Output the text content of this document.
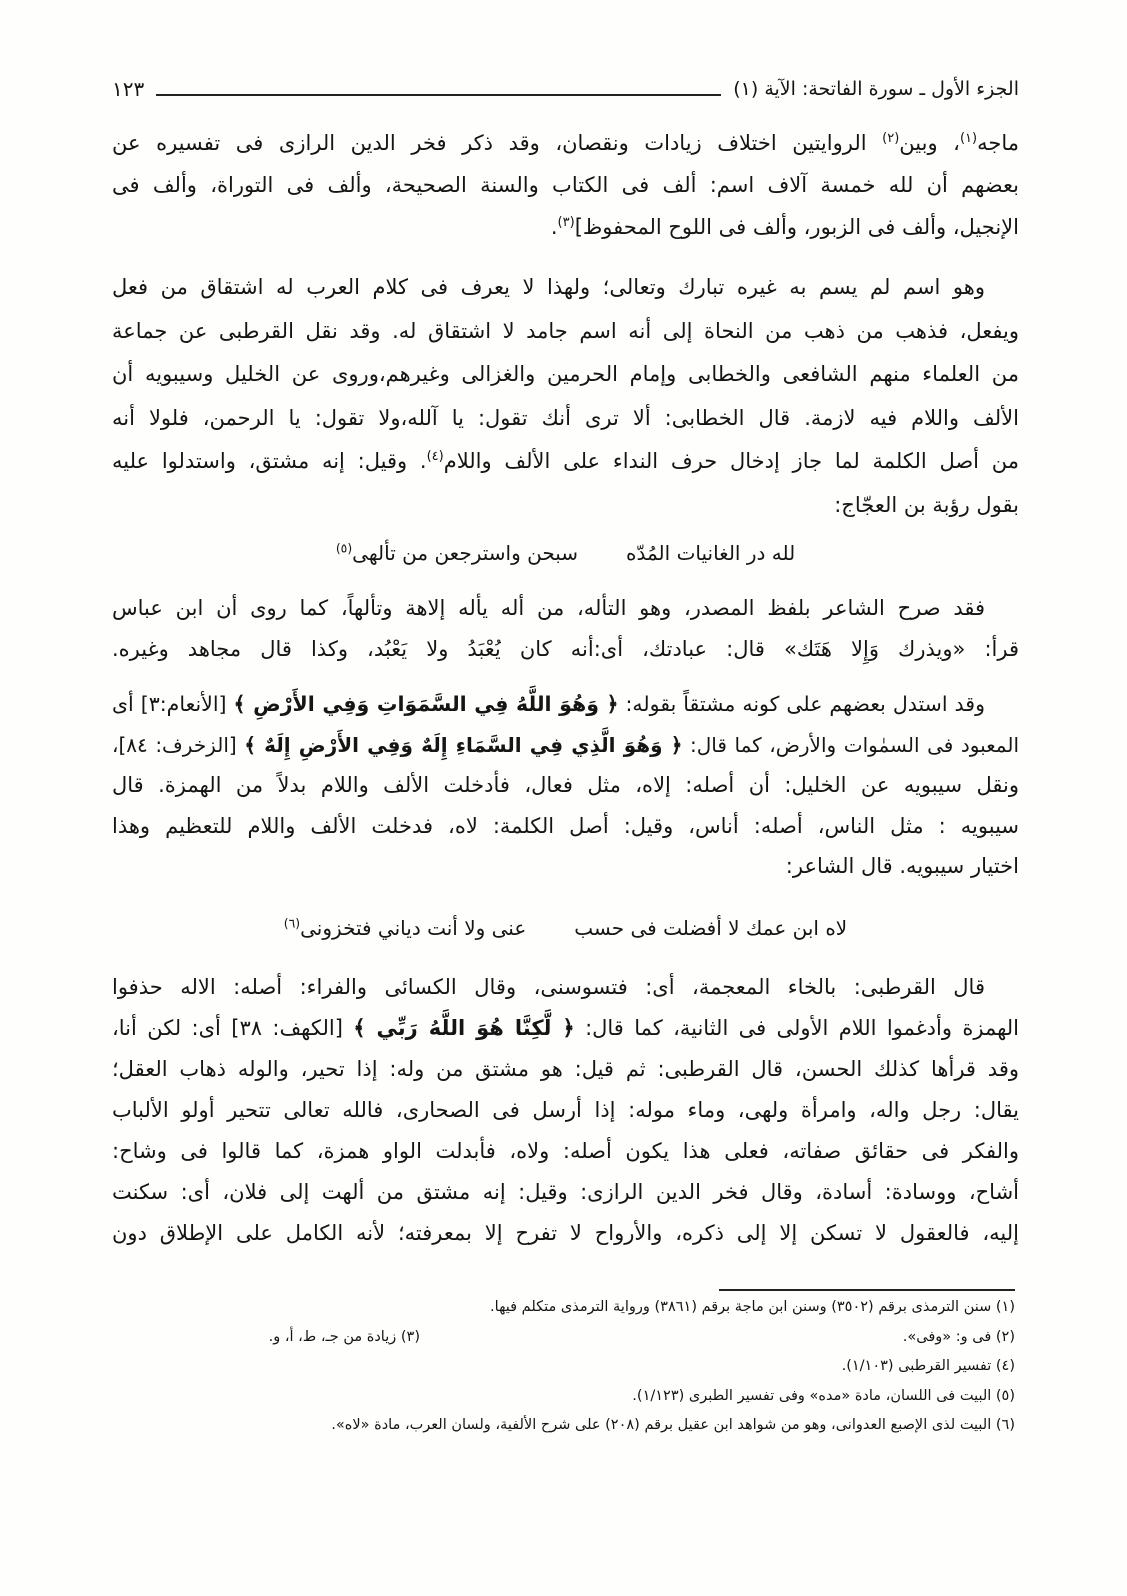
الجزء الأول ـ سورة الفاتحة: الآية (١)
١٢٣
ماجه$^{(١)}$، وبين$^{(٢)}$ الروايتين اختلاف زيادات ونقصان، وقد ذكر فخر الدين الرازى فى تفسيره عن
بعضهم أن لله خمسة آلاف اسم: ألف فى الكتاب والسنة الصحيحة، وألف فى التوراة، وألف فى
الإنجيل، وألف فى الزبور، وألف فى اللوح المحفوظ]$^{(٣)}$.
وهو اسم لم يسم به غيره تبارك وتعالى؛ ولهذا لا يعرف فى كلام العرب له اشتقاق من فعل
ويفعل، فذهب من ذهب من النحاة إلى أنه اسم جامد لا اشتقاق له. وقد نقل القرطبى عن جماعة
من العلماء منهم الشافعى والخطابى وإمام الحرمين والغزالى وغيرهم،وروى عن الخليل وسيبويه أن
الألف واللام فيه لازمة. قال الخطابى: ألا ترى أنك تقول: يا آلله،ولا تقول: يا الرحمن، فلولا أنه
من أصل الكلمة لما جاز إدخال حرف النداء على الألف واللام$^{(٤)}$. وقيل: إنه مشتق، واستدلوا عليه
بقول رؤبة بن العجّاج:
لله در الغانيات المُدّه
سبحن واسترجعن من تألهى$^{(٥)}$
فقد صرح الشاعر بلفظ المصدر، وهو التأله، من أله يأله إلاهة وتألهاً، كما روى أن ابن عباس
قرأ: «ويذرك وَإِلا هَتَك» قال: عبادتك، أى:أنه كان يُعْبَدُ ولا يَعْبُد، وكذا قال مجاهد وغيره.
وقد استدل بعضهم على كونه مشتقاً بقوله: ﴿ وَهُوَ اللَّهُ فِي السَّمَوَاتِ وَفِي الأَرْضِ ﴾ [الأنعام:٣] أى
المعبود فى السمٰوات والأرض، كما قال: ﴿ وَهُوَ الَّذِي فِي السَّمَاءِ إِلَهٌ وَفِي الأَرْضِ إِلَهٌ ﴾ [الزخرف: ٨٤]،
ونقل سيبويه عن الخليل: أن أصله: إلاه، مثل فعال، فأدخلت الألف واللام بدلاً من الهمزة. قال
سيبويه : مثل الناس، أصله: أناس، وقيل: أصل الكلمة: لاه، فدخلت الألف واللام للتعظيم وهذا
اختيار سيبويه. قال الشاعر:
لاه ابن عمك لا أفضلت فى حسب
عنى ولا أنت دياني فتخزونى$^{(٦)}$
قال القرطبى: بالخاء المعجمة، أى: فتسوسنى، وقال الكسائى والفراء: أصله: الاله حذفوا
الهمزة وأدغموا اللام الأولى فى الثانية، كما قال: ﴿ لَّكِنَّا هُوَ اللَّهُ رَبِّي ﴾ [الكهف: ٣٨] أى: لكن أنا،
وقد قرأها كذلك الحسن، قال القرطبى: ثم قيل: هو مشتق من وله: إذا تحير، والوله ذهاب العقل؛
يقال: رجل واله، وامرأة ولهى، وماء موله: إذا أرسل فى الصحارى، فالله تعالى تتحير أولو الألباب
والفكر فى حقائق صفاته، فعلى هذا يكون أصله: ولاه، فأبدلت الواو همزة، كما قالوا فى وشاح:
أشاح، ووسادة: أسادة، وقال فخر الدين الرازى: وقيل: إنه مشتق من ألهت إلى فلان، أى: سكنت
إليه، فالعقول لا تسكن إلا إلى ذكره، والأرواح لا تفرح إلا بمعرفته؛ لأنه الكامل على الإطلاق دون
(١) سنن الترمذى برقم (٣٥٠٢) وسنن ابن ماجة برقم (٣٨٦١) ورواية الترمذى متكلم فيها.
(٢) فى و: «وفى».
(٣) زيادة من جـ، ط، أ، و.
(٤) تفسير القرطبى (١/١٠٣).
(٥) البيت فى اللسان، مادة «مده» وفى تفسير الطبرى (١/١٢٣).
(٦) البيت لذى الإصبع العدوانى، وهو من شواهد ابن عقيل برقم (٢٠٨) على شرح الألفية، ولسان العرب، مادة «لاه».
